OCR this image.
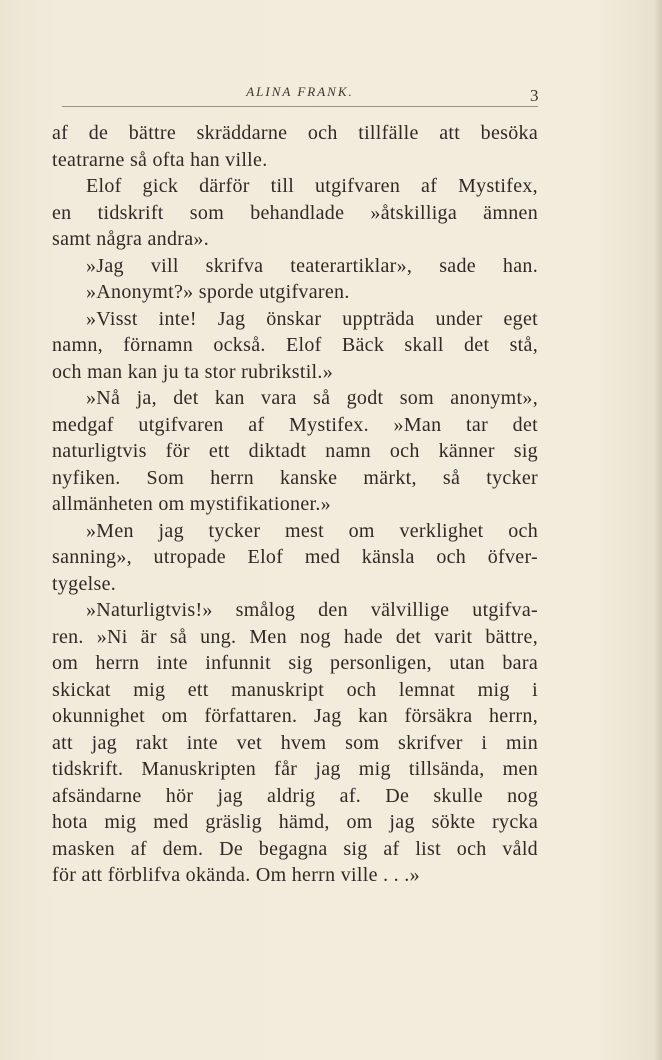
ALINA FRANK.	3
af de bättre skräddarne och tillfälle att besöka
teatrarne så ofta han ville.
Elof gick därför till utgifvaren af Mystifex,
en tidskrift som behandlade »åtskilliga ämnen
samt några andra».
»Jag vill skrifva teaterartiklar», sade han.
»Anonymt?» sporde utgifvaren.
»Visst inte! Jag önskar uppträda under eget
namn, förnamn också. Elof Bäck skall det stå,
och man kan ju ta stor rubrikstil.»
»Nå ja, det kan vara så godt som anonymt»,
medgaf utgifvaren af Mystifex. »Man tar det
naturligtvis för ett diktadt namn och känner sig
nyfiken. Som herrn kanske märkt, så tycker
allmänheten om mystifikationer.»
»Men jag tycker mest om verklighet och
sanning», utropade Elof med känsla och öfver-
tygelse.
»Naturligtvis!» smålog den välvillige utgifva-
ren. »Ni är så ung. Men nog hade det varit bättre,
om herrn inte infunnit sig personligen, utan bara
skickat mig ett manuskript och lemnat mig i
okunnighet om författaren. Jag kan försäkra herrn,
att jag rakt inte vet hvem som skrifver i min
tidskrift. Manuskripten får jag mig tillsända, men
afsändarne hör jag aldrig af. De skulle nog
hota mig med gräslig hämd, om jag sökte rycka
masken af dem. De begagna sig af list och våld
för att förblifva okända. Om herrn ville . . .»
